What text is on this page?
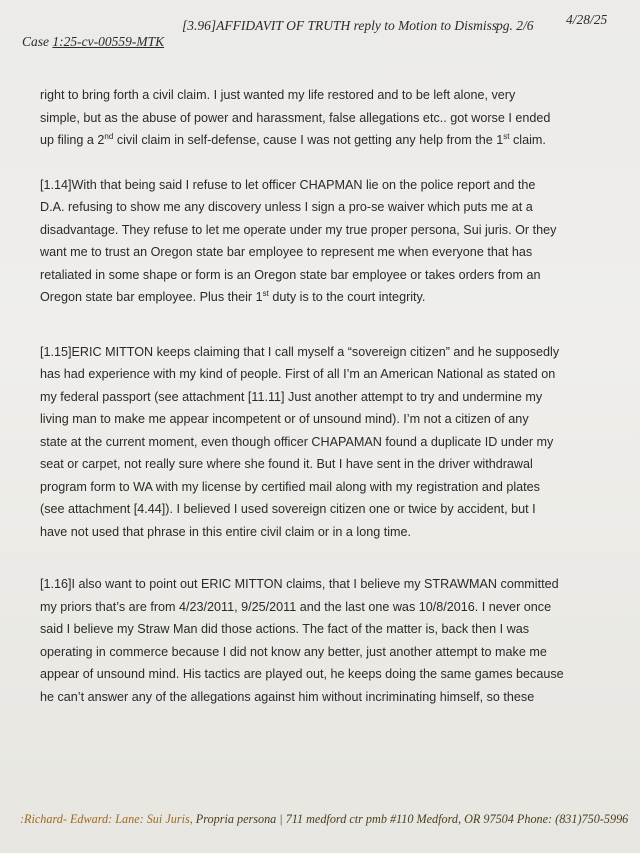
Case 1:25-cv-00559-MTK
[3.96]AFFIDAVIT OF TRUTH reply to Motion to Dismiss
pg. 2/6 4/28/25
right to bring forth a civil claim. I just wanted my life restored and to be left alone, very
simple, but as the abuse of power and harassment, false allegations etc.. got worse I ended
up filing a 2nd civil claim in self-defense, cause I was not getting any help from the 1st claim.
[1.14]With that being said I refuse to let officer CHAPMAN lie on the police report and the
D.A. refusing to show me any discovery unless I sign a pro-se waiver which puts me at a
disadvantage. They refuse to let me operate under my true proper persona, Sui juris. Or they
want me to trust an Oregon state bar employee to represent me when everyone that has
retaliated in some shape or form is an Oregon state bar employee or takes orders from an
Oregon state bar employee. Plus their 1st duty is to the court integrity.
[1.15]ERIC MITTON keeps claiming that I call myself a “sovereign citizen” and he supposedly
has had experience with my kind of people. First of all I’m an American National as stated on
my federal passport (see attachment [11.11] Just another attempt to try and undermine my
living man to make me appear incompetent or of unsound mind). I’m not a citizen of any
state at the current moment, even though officer CHAPAMAN found a duplicate ID under my
seat or carpet, not really sure where she found it. But I have sent in the driver withdrawal
program form to WA with my license by certified mail along with my registration and plates
(see attachment [4.44]). I believed I used sovereign citizen one or twice by accident, but I
have not used that phrase in this entire civil claim or in a long time.
[1.16]I also want to point out ERIC MITTON claims, that I believe my STRAWMAN committed
my priors that’s are from 4/23/2011, 9/25/2011 and the last one was 10/8/2016. I never once
said I believe my Straw Man did those actions. The fact of the matter is, back then I was
operating in commerce because I did not know any better, just another attempt to make me
appear of unsound mind. His tactics are played out, he keeps doing the same games because
he can’t answer any of the allegations against him without incriminating himself, so these
:Richard- Edward: Lane: Sui Juris, Propria persona | 711 medford ctr pmb #110 Medford, OR 97504 Phone: (831)750-5996
